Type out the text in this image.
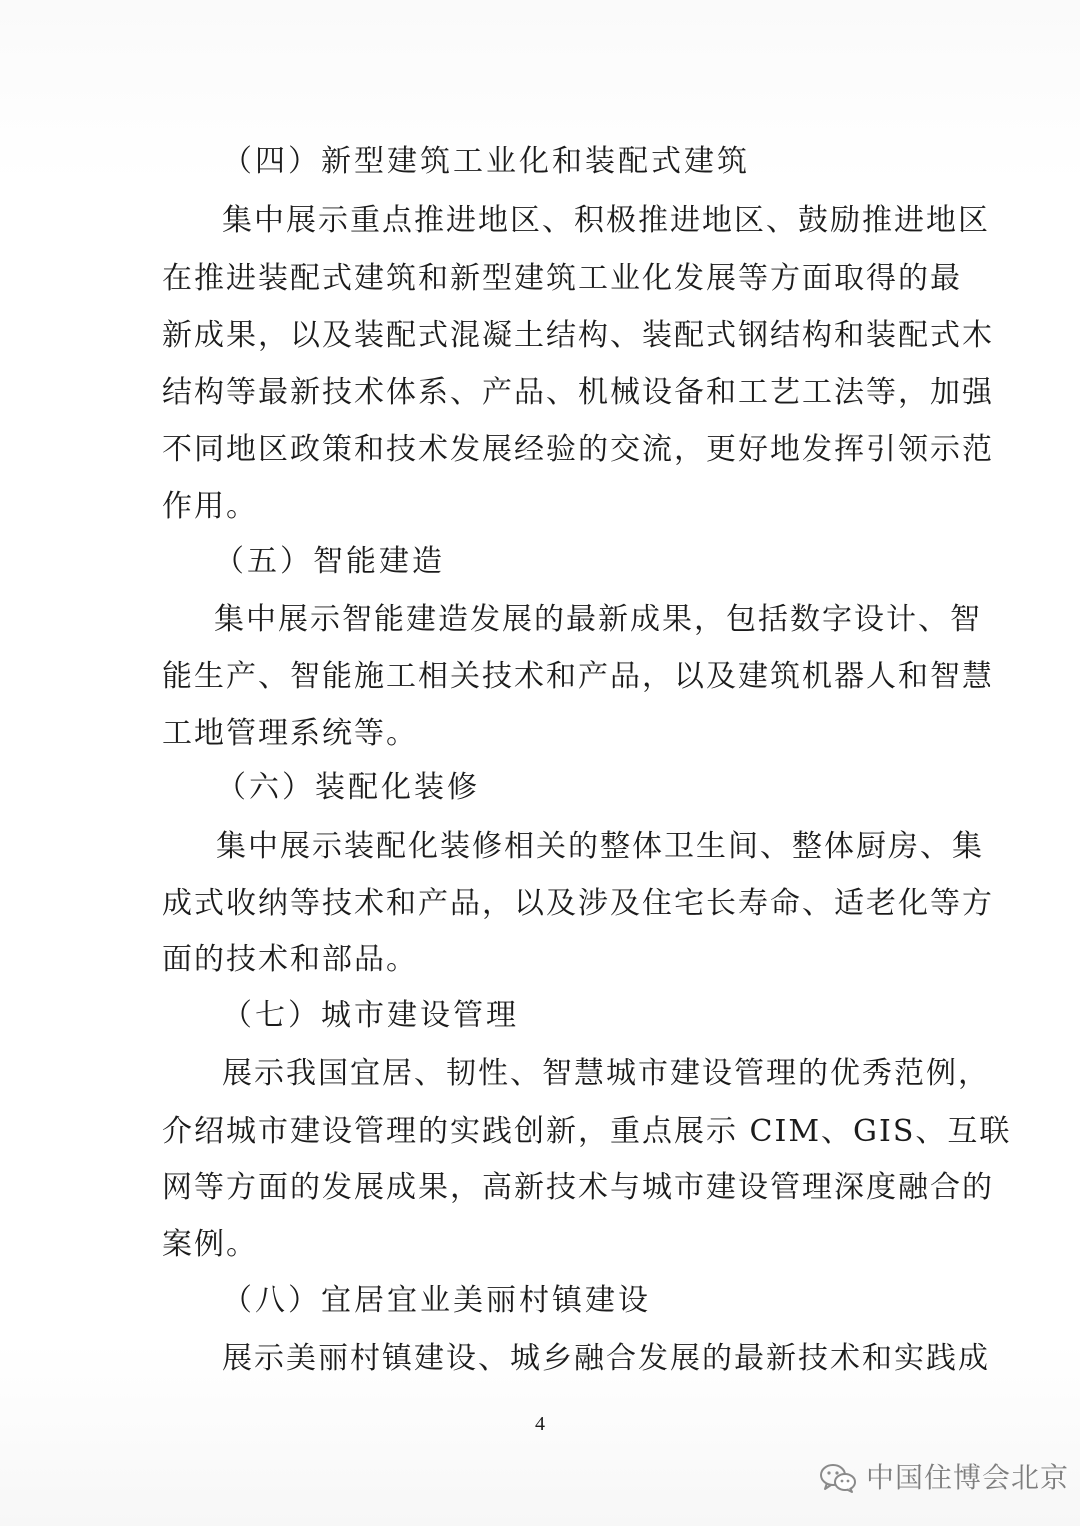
（四）新型建筑工业化和装配式建筑
集中展示重点推进地区、积极推进地区、鼓励推进地区
在推进装配式建筑和新型建筑工业化发展等方面取得的最
新成果，以及装配式混凝土结构、装配式钢结构和装配式木
结构等最新技术体系、产品、机械设备和工艺工法等，加强
不同地区政策和技术发展经验的交流，更好地发挥引领示范
作用。
（五）智能建造
集中展示智能建造发展的最新成果，包括数字设计、智
能生产、智能施工相关技术和产品，以及建筑机器人和智慧
工地管理系统等。
（六）装配化装修
集中展示装配化装修相关的整体卫生间、整体厨房、集
成式收纳等技术和产品，以及涉及住宅长寿命、适老化等方
面的技术和部品。
（七）城市建设管理
展示我国宜居、韧性、智慧城市建设管理的优秀范例，
介绍城市建设管理的实践创新，重点展示 CIM、GIS、互联
网等方面的发展成果，高新技术与城市建设管理深度融合的
案例。
（八）宜居宜业美丽村镇建设
展示美丽村镇建设、城乡融合发展的最新技术和实践成
4
中国住博会北京
